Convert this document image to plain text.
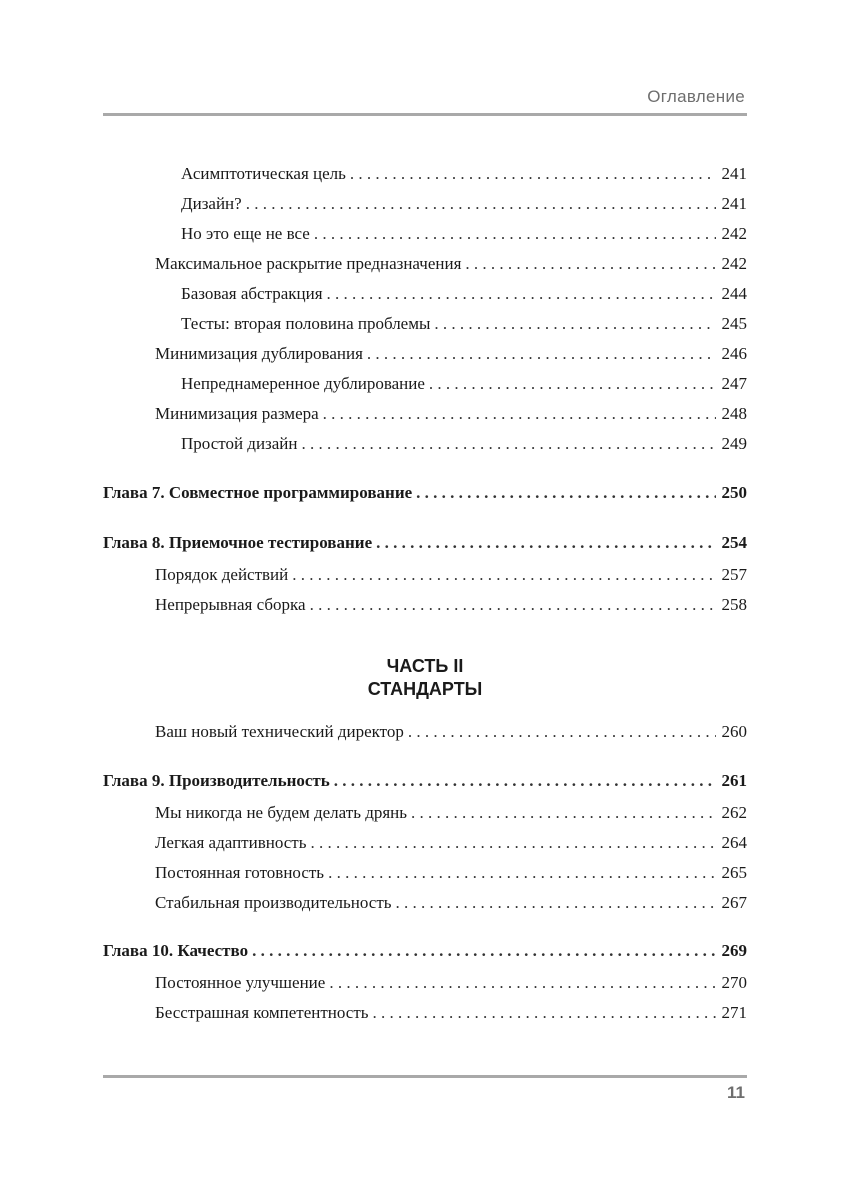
Оглавление
Асимптотическая цель . . .	241
Дизайн? . . .	241
Но это еще не все . . .	242
Максимальное раскрытие предназначения . . .	242
Базовая абстракция . . .	244
Тесты: вторая половина проблемы . . .	245
Минимизация дублирования . . .	246
Непреднамеренное дублирование . . .	247
Минимизация размера . . .	248
Простой дизайн . . .	249
Глава 7. Совместное программирование . . .	250
Глава 8. Приемочное тестирование . . .	254
Порядок действий . . .	257
Непрерывная сборка . . .	258
ЧАСТЬ II
СТАНДАРТЫ
Ваш новый технический директор . . .	260
Глава 9. Производительность . . .	261
Мы никогда не будем делать дрянь . . .	262
Легкая адаптивность . . .	264
Постоянная готовность . . .	265
Стабильная производительность . . .	267
Глава 10. Качество . . .	269
Постоянное улучшение . . .	270
Бесстрашная компетентность . . .	271
11
